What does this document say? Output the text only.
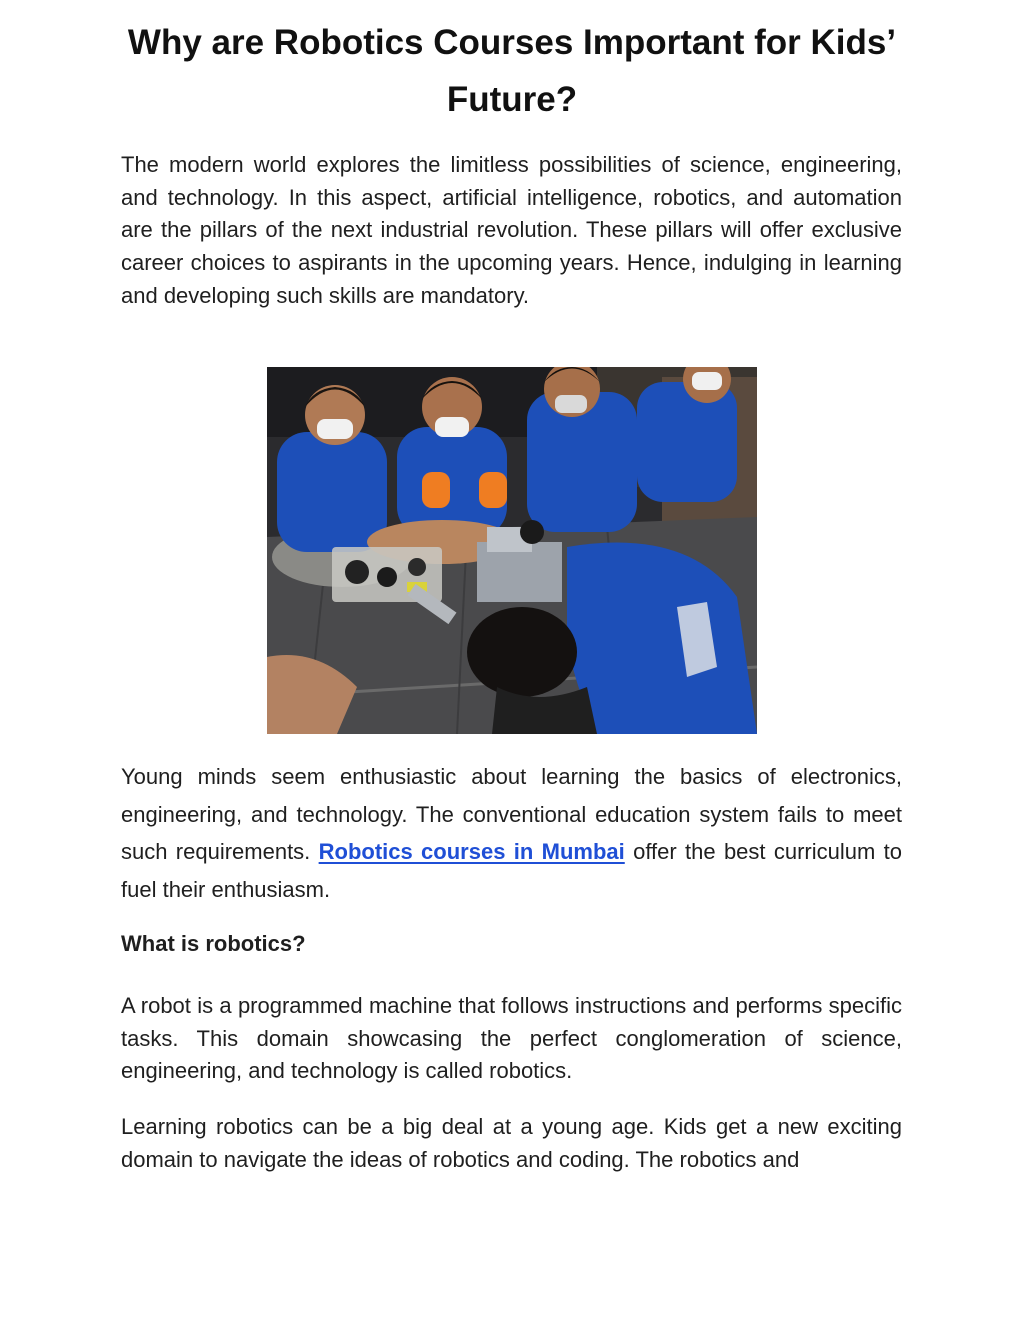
Why are Robotics Courses Important for Kids’ Future?

The modern world explores the limitless possibilities of science, engineering, and technology. In this aspect, artificial intelligence, robotics, and automation are the pillars of the next industrial revolution. These pillars will offer exclusive career choices to aspirants in the upcoming years. Hence, indulging in learning and developing such skills are mandatory.

Young minds seem enthusiastic about learning the basics of electronics, engineering, and technology. The conventional education system fails to meet such requirements. Robotics courses in Mumbai offer the best curriculum to fuel their enthusiasm.

What is robotics?

A robot is a programmed machine that follows instructions and performs specific tasks. This domain showcasing the perfect conglomeration of science, engineering, and technology is called robotics.

Learning robotics can be a big deal at a young age. Kids get a new exciting domain to navigate the ideas of robotics and coding. The robotics and
